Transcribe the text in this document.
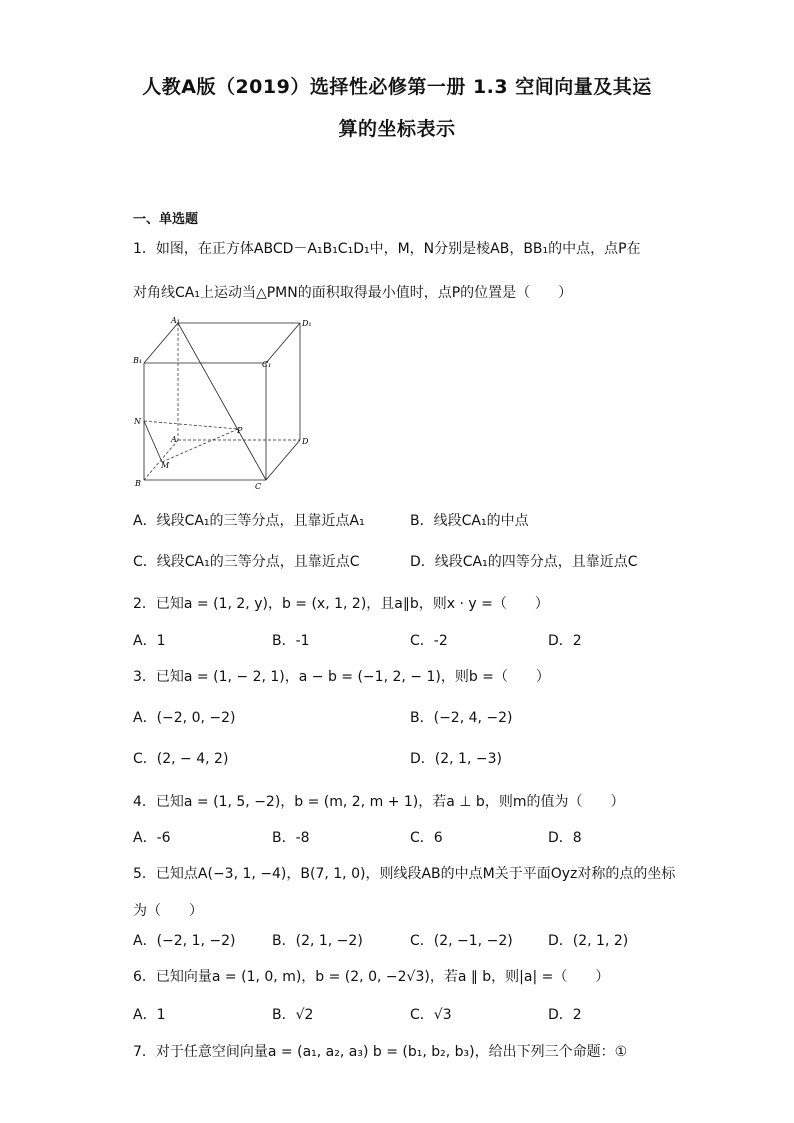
人教A版（2019）选择性必修第一册 1.3 空间向量及其运
算的坐标表示
一、单选题
1．如图，在正方体ABCD－A₁B₁C₁D₁中，M，N分别是棱AB，BB₁的中点，点P在
对角线CA₁上运动当△PMN的面积取得最小值时，点P的位置是（　　）
A₁	D₁
B₁	C₁
N
A
P
D
M
B	C
A．线段CA₁的三等分点，且靠近点A₁	B．线段CA₁的中点
C．线段CA₁的三等分点，且靠近点C	D．线段CA₁的四等分点，且靠近点C
2．已知a = (1, 2, y)，b = (x, 1, 2)，且a∥b，则x · y =（　　）
A．1	B．-1	C．-2	D．2
3．已知a = (1, − 2, 1)，a − b = (−1, 2, − 1)，则b =（　　）
A．(−2, 0, −2)	B．(−2, 4, −2)
C．(2, − 4, 2)	D．(2, 1, −3)
4．已知a = (1, 5, −2)，b = (m, 2, m + 1)，若a ⊥ b，则m的值为（　　）
A．-6	B．-8	C．6	D．8
5．已知点A(−3, 1, −4)，B(7, 1, 0)，则线段AB的中点M关于平面Oyz对称的点的坐标
为（　　）
A．(−2, 1, −2)	B．(2, 1, −2)	C．(2, −1, −2)	D．(2, 1, 2)
6．已知向量a = (1, 0, m)，b = (2, 0, −2√3)，若a ∥ b，则|a| =（　　）
A．1	B．√2	C．√3	D．2
7．对于任意空间向量a = (a₁, a₂, a₃) b = (b₁, b₂, b₃)，给出下列三个命题：①
